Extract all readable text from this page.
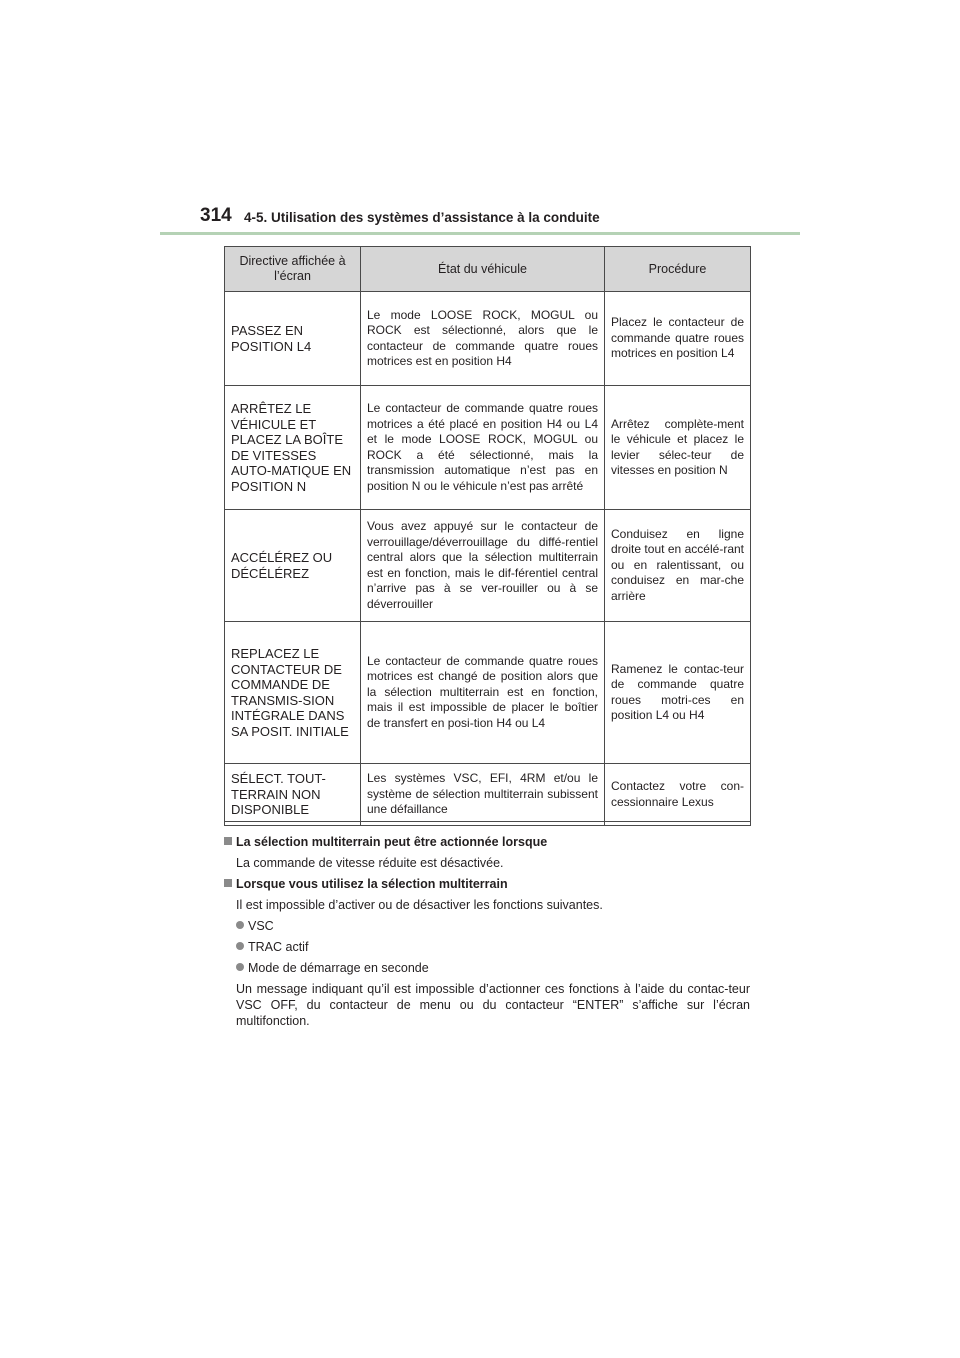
314 4-5. Utilisation des systèmes d’assistance à la conduite
Directive affichée à l’écran	État du véhicule	Procédure
PASSEZ EN POSITION L4	Le mode LOOSE ROCK, MOGUL ou ROCK est sélectionné, alors que le contacteur de commande quatre roues motrices est en position H4	Placez le contacteur de commande quatre roues motrices en position L4
ARRÊTEZ LE VÉHICULE ET PLACEZ LA BOÎTE DE VITESSES AUTO-MATIQUE EN POSITION N	Le contacteur de commande quatre roues motrices a été placé en position H4 ou L4 et le mode LOOSE ROCK, MOGUL ou ROCK a été sélectionné, mais la transmission automatique n’est pas en position N ou le véhicule n’est pas arrêté	Arrêtez complète-ment le véhicule et placez le levier sélec-teur de vitesses en position N
ACCÉLÉREZ OU DÉCÉLÉREZ	Vous avez appuyé sur le contacteur de verrouillage/déverrouillage du diffé-rentiel central alors que la sélection multiterrain est en fonction, mais le dif-férentiel central n’arrive pas à se ver-rouiller ou à se déverrouiller	Conduisez en ligne droite tout en accélé-rant ou en ralentissant, ou conduisez en mar-che arrière
REPLACEZ LE CONTACTEUR DE COMMANDE DE TRANSMIS-SION INTÉGRALE DANS SA POSIT. INITIALE	Le contacteur de commande quatre roues motrices est changé de position alors que la sélection multiterrain est en fonction, mais il est impossible de placer le boîtier de transfert en posi-tion H4 ou L4	Ramenez le contac-teur de commande quatre roues motri-ces en position L4 ou H4
SÉLECT. TOUT-TERRAIN NON DISPONIBLE	Les systèmes VSC, EFI, 4RM et/ou le système de sélection multiterrain subissent une défaillance	Contactez votre con-cessionnaire Lexus
La sélection multiterrain peut être actionnée lorsque
La commande de vitesse réduite est désactivée.
Lorsque vous utilisez la sélection multiterrain
Il est impossible d’activer ou de désactiver les fonctions suivantes.
VSC
TRAC actif
Mode de démarrage en seconde
Un message indiquant qu’il est impossible d’actionner ces fonctions à l’aide du contac-teur VSC OFF, du contacteur de menu ou du contacteur “ENTER” s’affiche sur l’écran multifonction.
